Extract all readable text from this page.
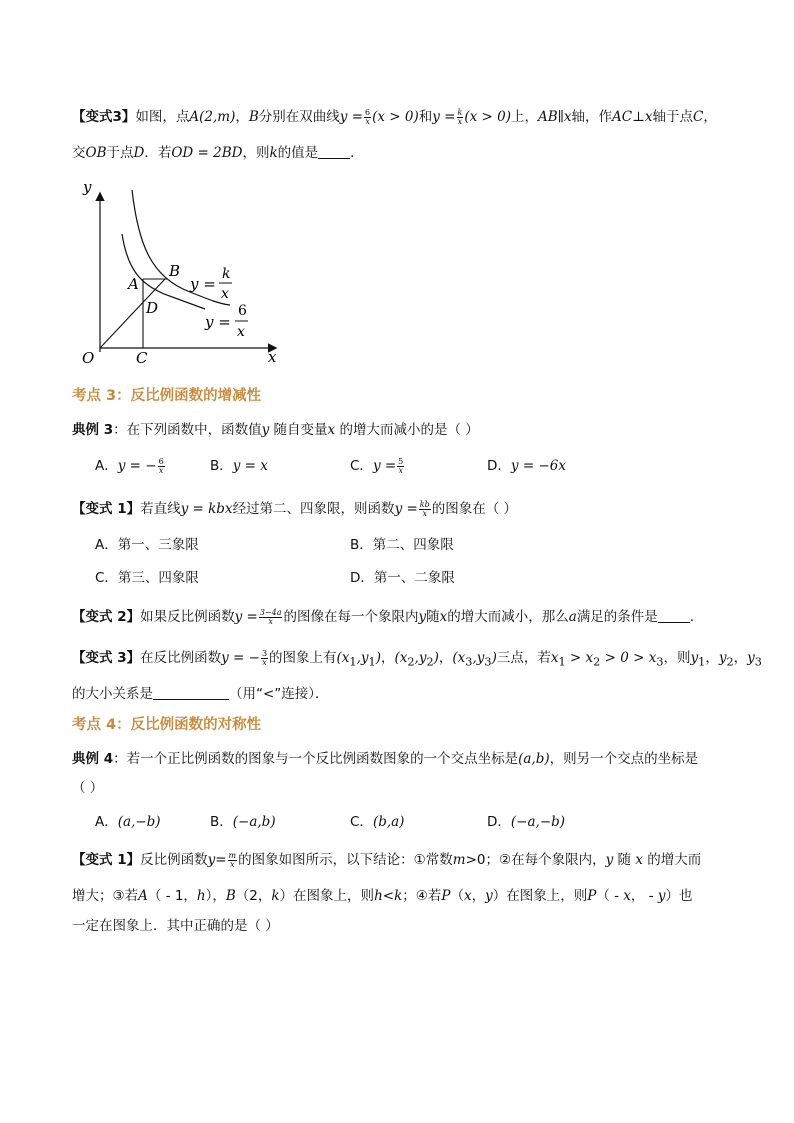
【变式3】如图，点A(2,m)，B分别在双曲线$y = \frac{6}{x} (x > 0)$和$y = \frac{k}{x} (x > 0)$上，AB∥x轴，作AC⊥x轴于点C，
交OB于点D．若OD = 2BD，则k的值是 ．
y
x
O	C
A
B
D
y =
k
x
y =
6
x
考点 3：反比例函数的增减性
典例 3：在下列函数中，函数值y 随自变量x 的增大而减小的是（ ）
A．y = − $\frac{6}{x}$	B．y = x	C．$y = \frac{5}{x}$	D．y = −6x
【变式 1】若直线y = kbx经过第二、四象限，则函数$y = \frac{kb}{x}$ 的图象在（ ）
A．第一、三象限	B．第二、四象限
C．第三、四象限	D．第一、二象限
【变式 2】如果反比例函数$y = \frac{3-4a}{x}$ 的图像在每一个象限内y随x的增大而减小，那么a满足的条件是 ．
【变式 3】在反比例函数y = − $\frac{3}{x}$ 的图象上有$(x_1,y_1)$，$(x_2,y_2)$，$(x_3,y_3)$三点，若$x_1 > x_2 > 0 > x_3$，则$y_1$，$y_2$，$y_3$
的大小关系是	（用“<”连接）．
考点 4：反比例函数的对称性
典例 4：若一个正比例函数的图象与一个反比例函数图象的一个交点坐标是(a,b)，则另一个交点的坐标是
（ ）
A．(a,−b)	B．(−a,b)	C．(b,a)	D．(−a,−b)
【变式 1】反比例函数$y= \frac{m}{x}$ 的图象如图所示，以下结论：①常数m>0；②在每个象限内，y 随 x 的增大而
增大；③若A（ - 1，h），B（2，k）在图象上，则h<k；④若P（x，y）在图象上，则P（ - x， - y）也
一定在图象上．其中正确的是（ ）
